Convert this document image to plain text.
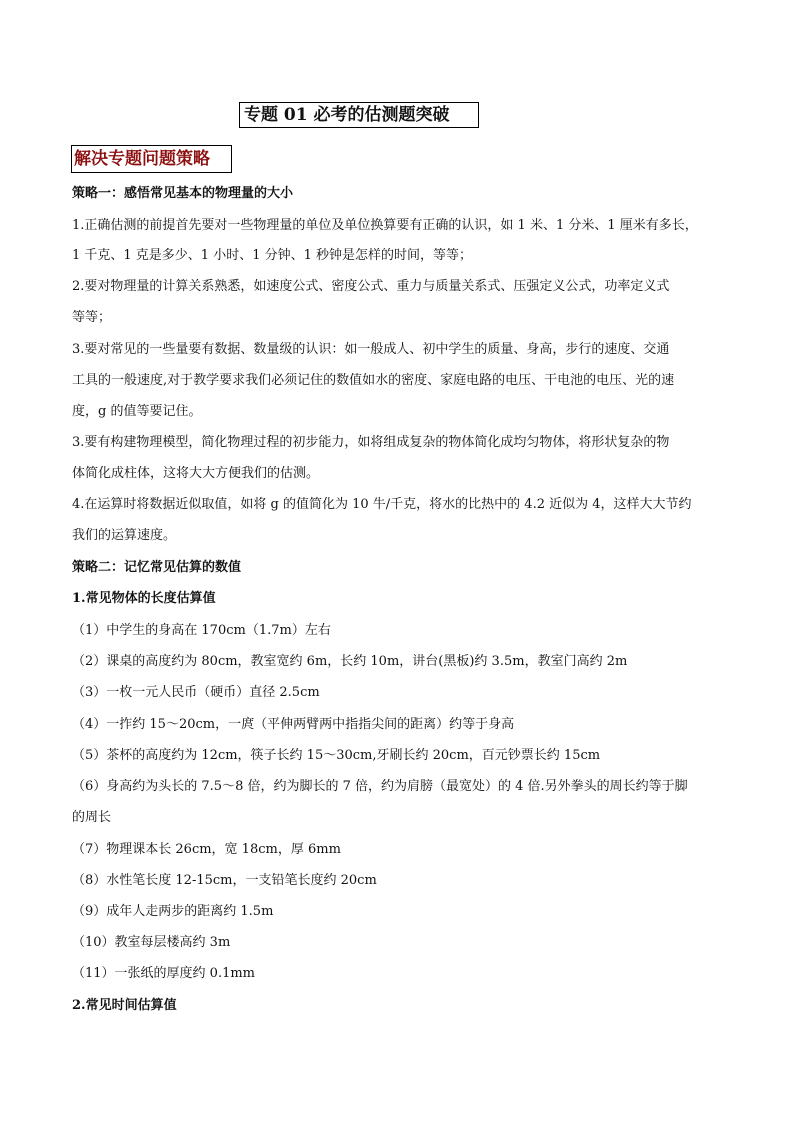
专题 01 必考的估测题突破
解决专题问题策略
策略一：感悟常见基本的物理量的大小
1.正确估测的前提首先要对一些物理量的单位及单位换算要有正确的认识，如 1 米、1 分米、1 厘米有多长，
1 千克、1 克是多少、1 小时、1 分钟、1 秒钟是怎样的时间，等等；
2.要对物理量的计算关系熟悉，如速度公式、密度公式、重力与质量关系式、压强定义公式，功率定义式
等等；
3.要对常见的一些量要有数据、数量级的认识：如一般成人、初中学生的质量、身高，步行的速度、交通
工具的一般速度,对于教学要求我们必须记住的数值如水的密度、家庭电路的电压、干电池的电压、光的速
度，g 的值等要记住。
3.要有构建物理模型，简化物理过程的初步能力，如将组成复杂的物体简化成均匀物体，将形状复杂的物
体简化成柱体，这将大大方便我们的估测。
4.在运算时将数据近似取值，如将 g 的值简化为 10 牛/千克，将水的比热中的 4.2 近似为 4，这样大大节约
我们的运算速度。
策略二：记忆常见估算的数值
1.常见物体的长度估算值
（1）中学生的身高在 170cm（1.7m）左右
（2）课桌的高度约为 80cm，教室宽约 6m，长约 10m，讲台(黑板)约 3.5m，教室门高约 2m
（3）一枚一元人民币（硬币）直径 2.5cm
（4）一拃约 15～20cm，一庹（平伸两臂两中指指尖间的距离）约等于身高
（5）茶杯的高度约为 12cm，筷子长约 15～30cm,牙刷长约 20cm，百元钞票长约 15cm
（6）身高约为头长的 7.5～8 倍，约为脚长的 7 倍，约为肩膀（最宽处）的 4 倍.另外拳头的周长约等于脚
的周长
（7）物理课本长 26cm，宽 18cm，厚 6mm
（8）水性笔长度 12-15cm，一支铅笔长度约 20cm
（9）成年人走两步的距离约 1.5m
（10）教室每层楼高约 3m
（11）一张纸的厚度约 0.1mm
2.常见时间估算值
